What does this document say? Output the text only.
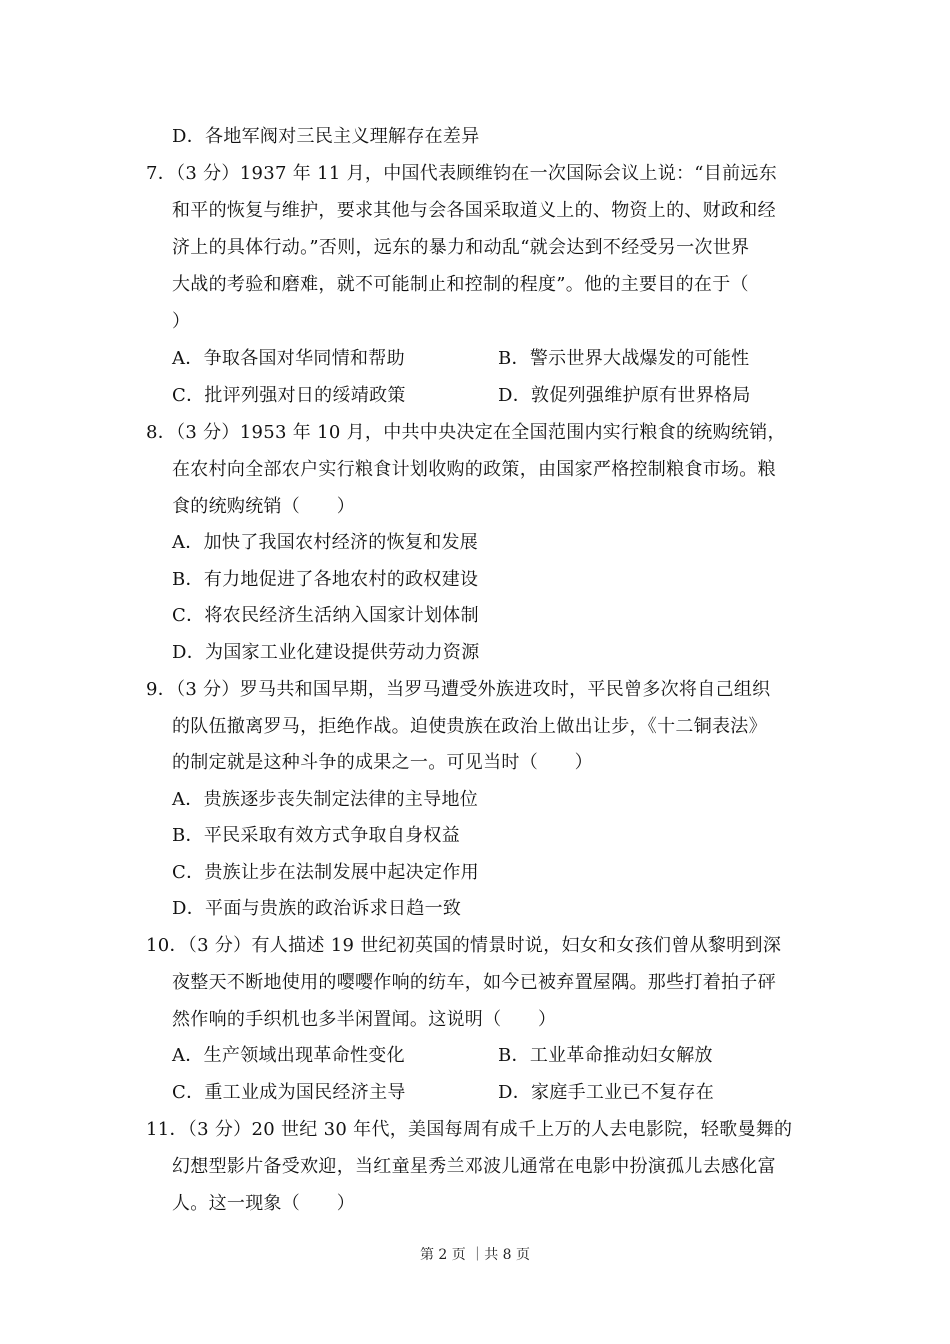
D．各地军阀对三民主义理解存在差异
7．（3 分）1937 年 11 月，中国代表顾维钧在一次国际会议上说：“目前远东
和平的恢复与维护，要求其他与会各国采取道义上的、物资上的、财政和经
济上的具体行动。”否则，远东的暴力和动乱“就会达到不经受另一次世界
大战的考验和磨难，就不可能制止和控制的程度”。他的主要目的在于（
）
A．争取各国对华同情和帮助	B．警示世界大战爆发的可能性
C．批评列强对日的绥靖政策	D．敦促列强维护原有世界格局
8．（3 分）1953 年 10 月，中共中央决定在全国范围内实行粮食的统购统销，
在农村向全部农户实行粮食计划收购的政策，由国家严格控制粮食市场。粮
食的统购统销（　　）
A．加快了我国农村经济的恢复和发展
B．有力地促进了各地农村的政权建设
C．将农民经济生活纳入国家计划体制
D．为国家工业化建设提供劳动力资源
9．（3 分）罗马共和国早期，当罗马遭受外族进攻时，平民曾多次将自己组织
的队伍撤离罗马，拒绝作战。迫使贵族在政治上做出让步，《十二铜表法》
的制定就是这种斗争的成果之一。可见当时（　　）
A．贵族逐步丧失制定法律的主导地位
B．平民采取有效方式争取自身权益
C．贵族让步在法制发展中起决定作用
D．平面与贵族的政治诉求日趋一致
10．（3 分）有人描述 19 世纪初英国的情景时说，妇女和女孩们曾从黎明到深
夜整天不断地使用的嘤嘤作响的纺车，如今已被弃置屋隅。那些打着拍子砰
然作响的手织机也多半闲置闻。这说明（　　）
A．生产领域出现革命性变化	B．工业革命推动妇女解放
C．重工业成为国民经济主导	D．家庭手工业已不复存在
11．（3 分）20 世纪 30 年代，美国每周有成千上万的人去电影院，轻歌曼舞的
幻想型影片备受欢迎，当红童星秀兰邓波儿通常在电影中扮演孤儿去感化富
人。这一现象（　　）
第 2 页 ｜共 8 页
